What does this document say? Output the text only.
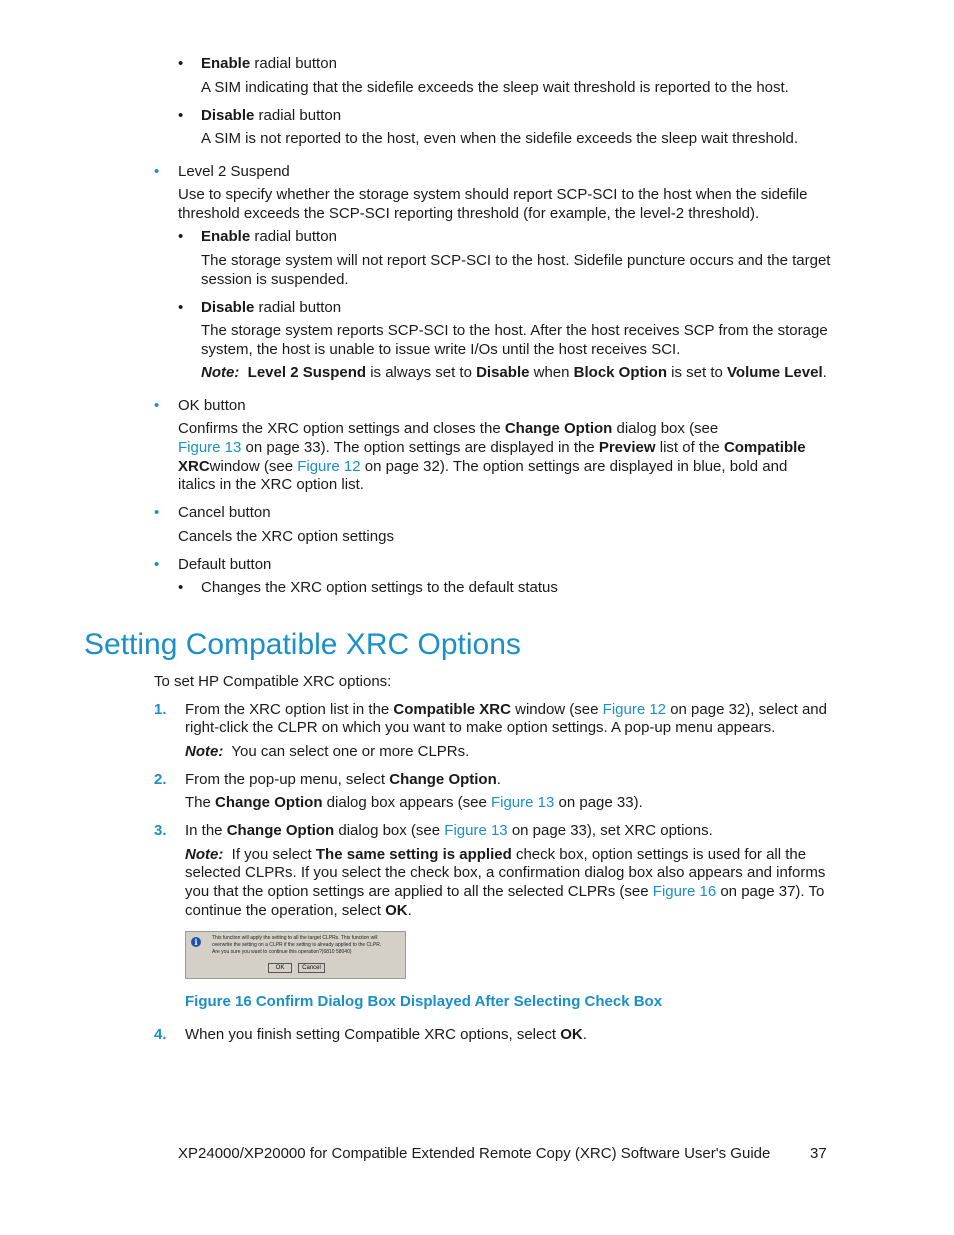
• Enable radial button

A SIM indicating that the sidefile exceeds the sleep wait threshold is reported to the host.

• Disable radial button

A SIM is not reported to the host, even when the sidefile exceeds the sleep wait threshold.

• Level 2 Suspend

Use to specify whether the storage system should report SCP-SCI to the host when the sidefile

threshold exceeds the SCP-SCI reporting threshold (for example, the level-2 threshold).

• Enable radial button

The storage system will not report SCP-SCI to the host. Sidefile puncture occurs and the target

session is suspended.

• Disable radial button

The storage system reports SCP-SCI to the host. After the host receives SCP from the storage

system, the host is unable to issue write I/Os until the host receives SCI.

Note: Level 2 Suspend is always set to Disable when Block Option is set to Volume Level.

• OK button

Confirms the XRC option settings and closes the Change Option dialog box (see

Figure 13 on page 33). The option settings are displayed in the Preview list of the Compatible

XRCwindow (see Figure 12 on page 32). The option settings are displayed in blue, bold and

italics in the XRC option list.

• Cancel button

Cancels the XRC option settings

• Default button

• Changes the XRC option settings to the default status

Setting Compatible XRC Options

To set HP Compatible XRC options:

1. From the XRC option list in the Compatible XRC window (see Figure 12 on page 32), select and

right-click the CLPR on which you want to make option settings. A pop-up menu appears.

Note: You can select one or more CLPRs.

2. From the pop-up menu, select Change Option.

The Change Option dialog box appears (see Figure 13 on page 33).

3. In the Change Option dialog box (see Figure 13 on page 33), set XRC options.

Note: If you select The same setting is applied check box, option settings is used for all the

selected CLPRs. If you select the check box, a confirmation dialog box also appears and informs

you that the option settings are applied to all the selected CLPRs (see Figure 16 on page 37). To

continue the operation, select OK.

i	This function will apply the setting to all the target CLPRs. This function will
overwrite the setting on a CLPR if the setting is already applied to the CLPR.
Are you sure you want to continue this operation?(6810 58040)
OK	Cancel

Figure 16 Confirm Dialog Box Displayed After Selecting Check Box

4. When you finish setting Compatible XRC options, select OK.

XP24000/XP20000 for Compatible Extended Remote Copy (XRC) Software User's Guide	37
